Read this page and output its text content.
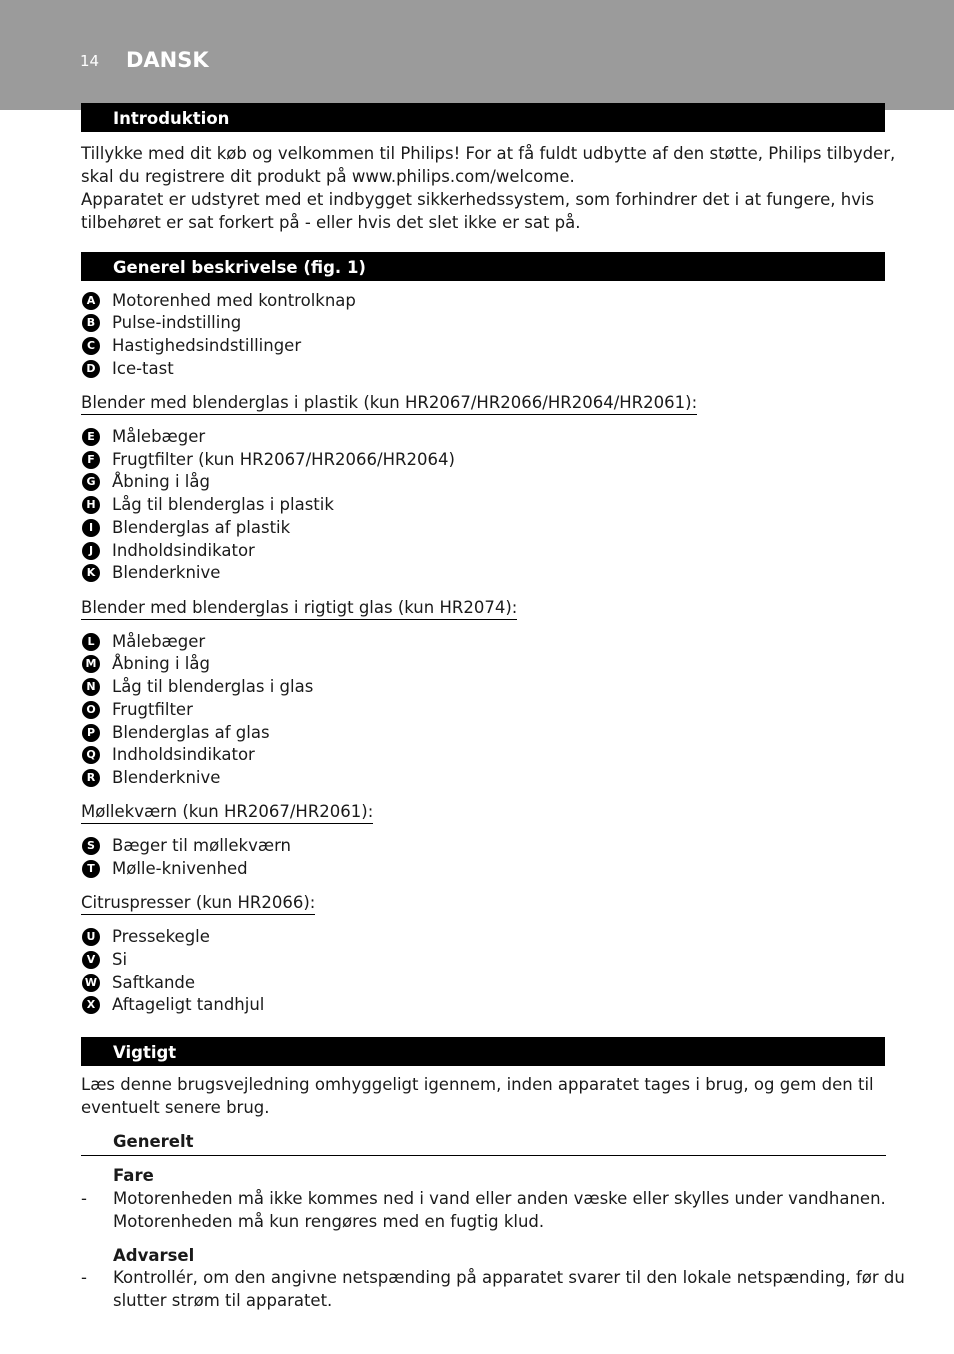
14 DANSK
Introduktion
Tillykke med dit køb og velkommen til Philips! For at få fuldt udbytte af den støtte, Philips tilbyder,
skal du registrere dit produkt på www.philips.com/welcome.
Apparatet er udstyret med et indbygget sikkerhedssystem, som forhindrer det i at fungere, hvis
tilbehøret er sat forkert på - eller hvis det slet ikke er sat på.
Generel beskrivelse (fig. 1)
A Motorenhed med kontrolknap
B Pulse-indstilling
C	Hastighedsindstillinger
D Ice-tast
Blender med blenderglas i plastik (kun HR2067/HR2066/HR2064/HR2061):
E	Målebæger
F	Frugtfilter (kun HR2067/HR2066/HR2064)
G Åbning i låg
H Låg til blenderglas i plastik
I	Blenderglas af plastik
J	Indholdsindikator
K Blenderknive
Blender med blenderglas i rigtigt glas (kun HR2074):
L	Målebæger
M Åbning i låg
N Låg til blenderglas i glas
O Frugtfilter
P	Blenderglas af glas
Q Indholdsindikator
R Blenderknive
Møllekværn (kun HR2067/HR2061):
S	Bæger til møllekværn
T	Mølle-knivenhed
Citruspresser (kun HR2066):
U Pressekegle
V Si
W Saftkande
X Aftageligt tandhjul
Vigtigt
Læs denne brugsvejledning omhyggeligt igennem, inden apparatet tages i brug, og gem den til
eventuelt senere brug.
Generelt
Fare
- Motorenheden må ikke kommes ned i vand eller anden væske eller skylles under vandhanen.
Motorenheden må kun rengøres med en fugtig klud.
Advarsel
- Kontrollér, om den angivne netspænding på apparatet svarer til den lokale netspænding, før du
slutter strøm til apparatet.
